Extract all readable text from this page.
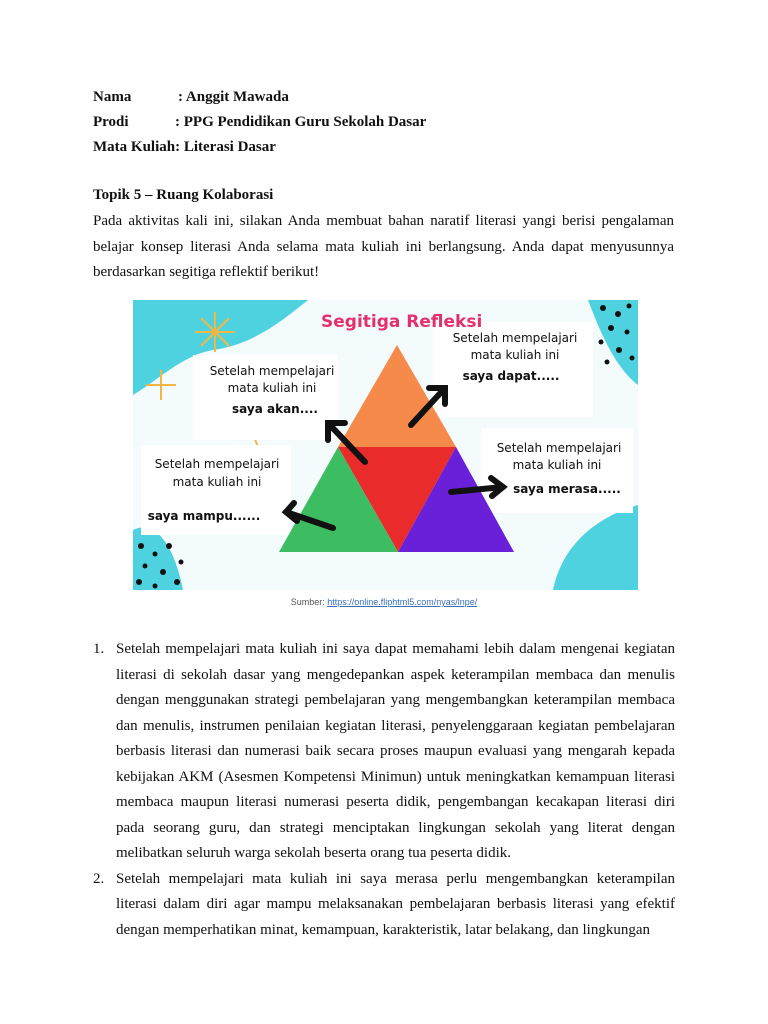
Nama	: Anggit Mawada
Prodi	: PPG Pendidikan Guru Sekolah Dasar
Mata Kuliah: Literasi Dasar
Topik 5 – Ruang Kolaborasi
Pada aktivitas kali ini, silakan Anda membuat bahan naratif literasi yangi berisi pengalaman belajar konsep literasi Anda selama mata kuliah ini berlangsung. Anda dapat menyusunnya berdasarkan segitiga reflektif berikut!
Segitiga Refleksi
Setelah mempelajari
mata kuliah ini
saya dapat.....
Setelah mempelajari
mata kuliah ini
saya akan....
Setelah mempelajari
mata kuliah ini
saya merasa.....
Setelah mempelajari
mata kuliah ini
saya mampu......
Sumber: https://online.fliphtml5.com/nyas/lnpe/

1. Setelah mempelajari mata kuliah ini saya dapat memahami lebih dalam mengenai kegiatan literasi di sekolah dasar yang mengedepankan aspek keterampilan membaca dan menulis dengan menggunakan strategi pembelajaran yang mengembangkan keterampilan membaca dan menulis, instrumen penilaian kegiatan literasi, penyelenggaraan kegiatan pembelajaran berbasis literasi dan numerasi baik secara proses maupun evaluasi yang mengarah kepada kebijakan AKM (Asesmen Kompetensi Minimun) untuk meningkatkan kemampuan literasi membaca maupun literasi numerasi peserta didik, pengembangan kecakapan literasi diri pada seorang guru, dan strategi menciptakan lingkungan sekolah yang literat dengan melibatkan seluruh warga sekolah beserta orang tua peserta didik.

2. Setelah mempelajari mata kuliah ini saya merasa perlu mengembangkan keterampilan literasi dalam diri agar mampu melaksanakan pembelajaran berbasis literasi yang efektif dengan memperhatikan minat, kemampuan, karakteristik, latar belakang, dan lingkungan
